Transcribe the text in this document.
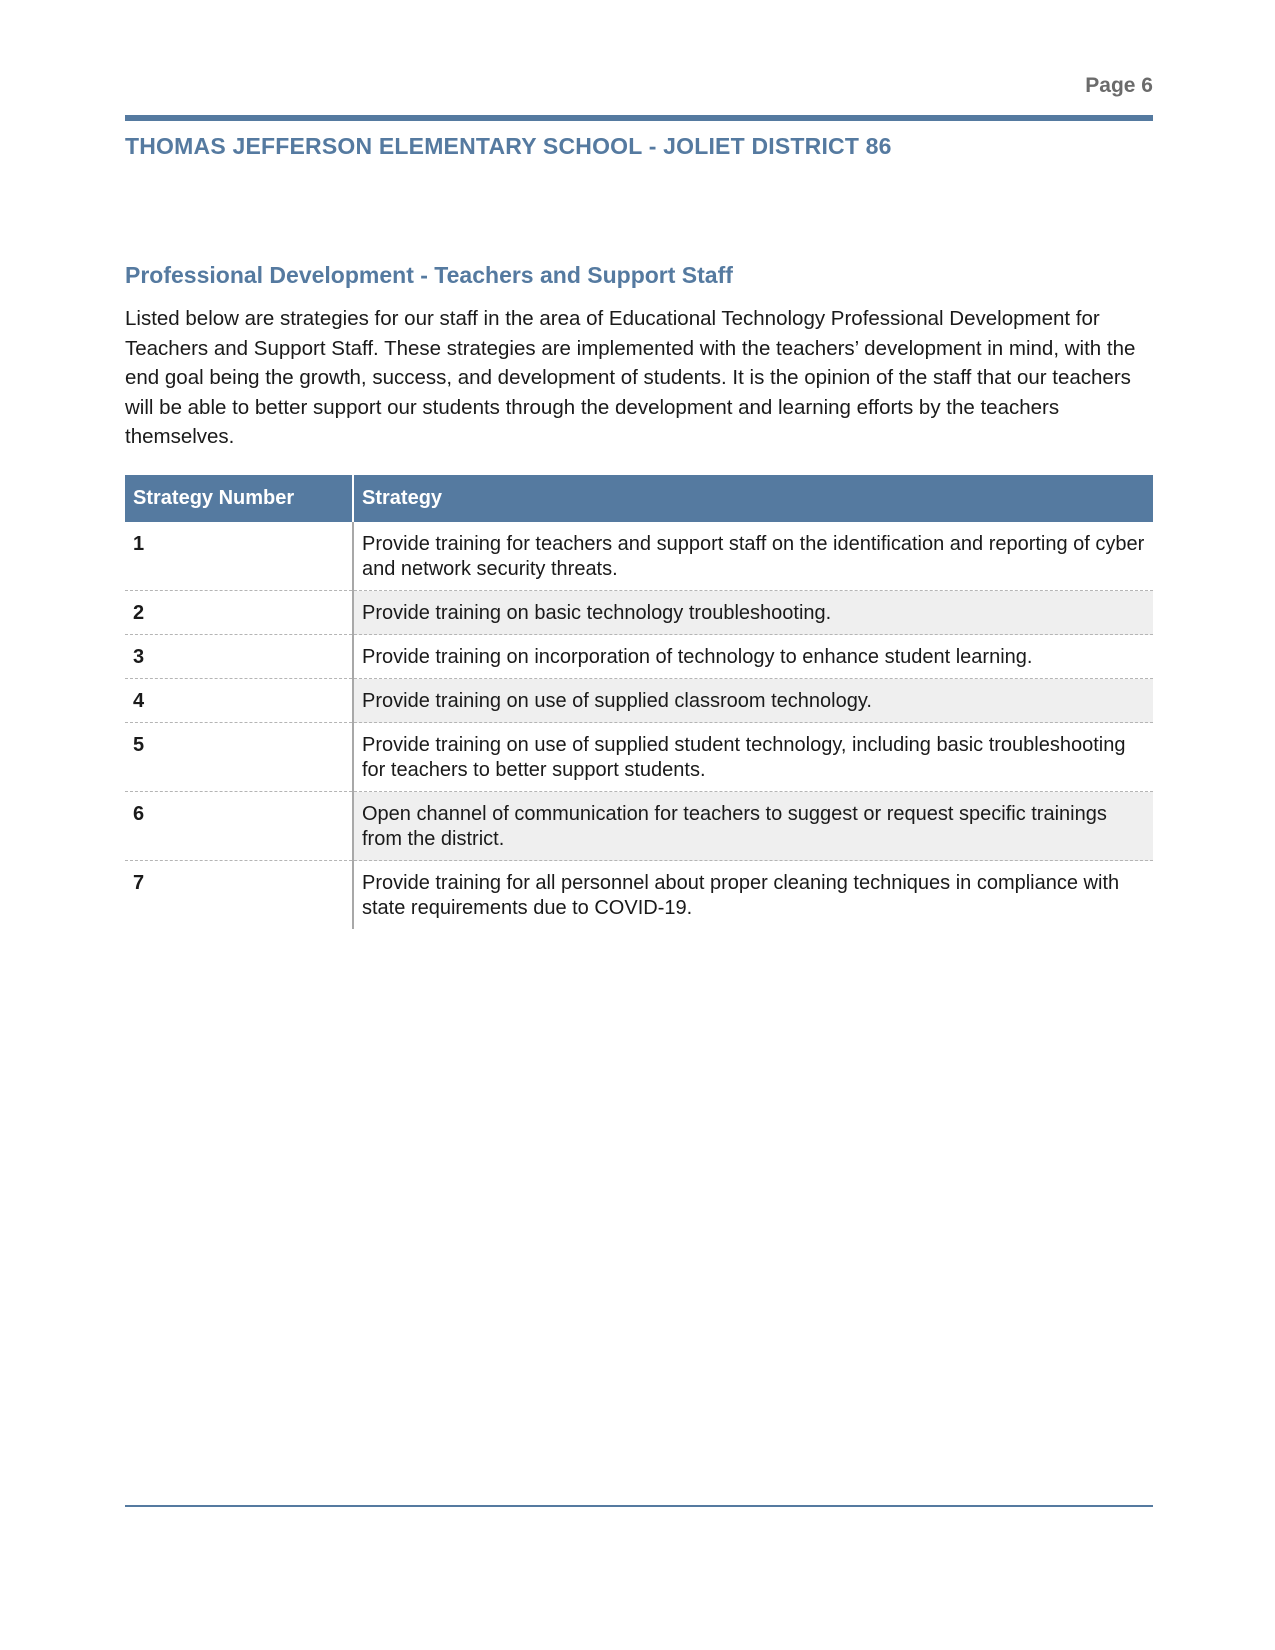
Page 6
THOMAS JEFFERSON ELEMENTARY SCHOOL - JOLIET DISTRICT 86
Professional Development - Teachers and Support Staff

Listed below are strategies for our staff in the area of Educational Technology Professional Development for Teachers and Support Staff. These strategies are implemented with the teachers’ development in mind, with the end goal being the growth, success, and development of students. It is the opinion of the staff that our teachers will be able to better support our students through the development and learning efforts by the teachers themselves.

Strategy Number	Strategy
1	Provide training for teachers and support staff on the identification and reporting of cyber and network security threats.
2	Provide training on basic technology troubleshooting.
3	Provide training on incorporation of technology to enhance student learning.
4	Provide training on use of supplied classroom technology.
5	Provide training on use of supplied student technology, including basic troubleshooting for teachers to better support students.
6	Open channel of communication for teachers to suggest or request specific trainings from the district.
7	Provide training for all personnel about proper cleaning techniques in compliance with state requirements due to COVID-19.
